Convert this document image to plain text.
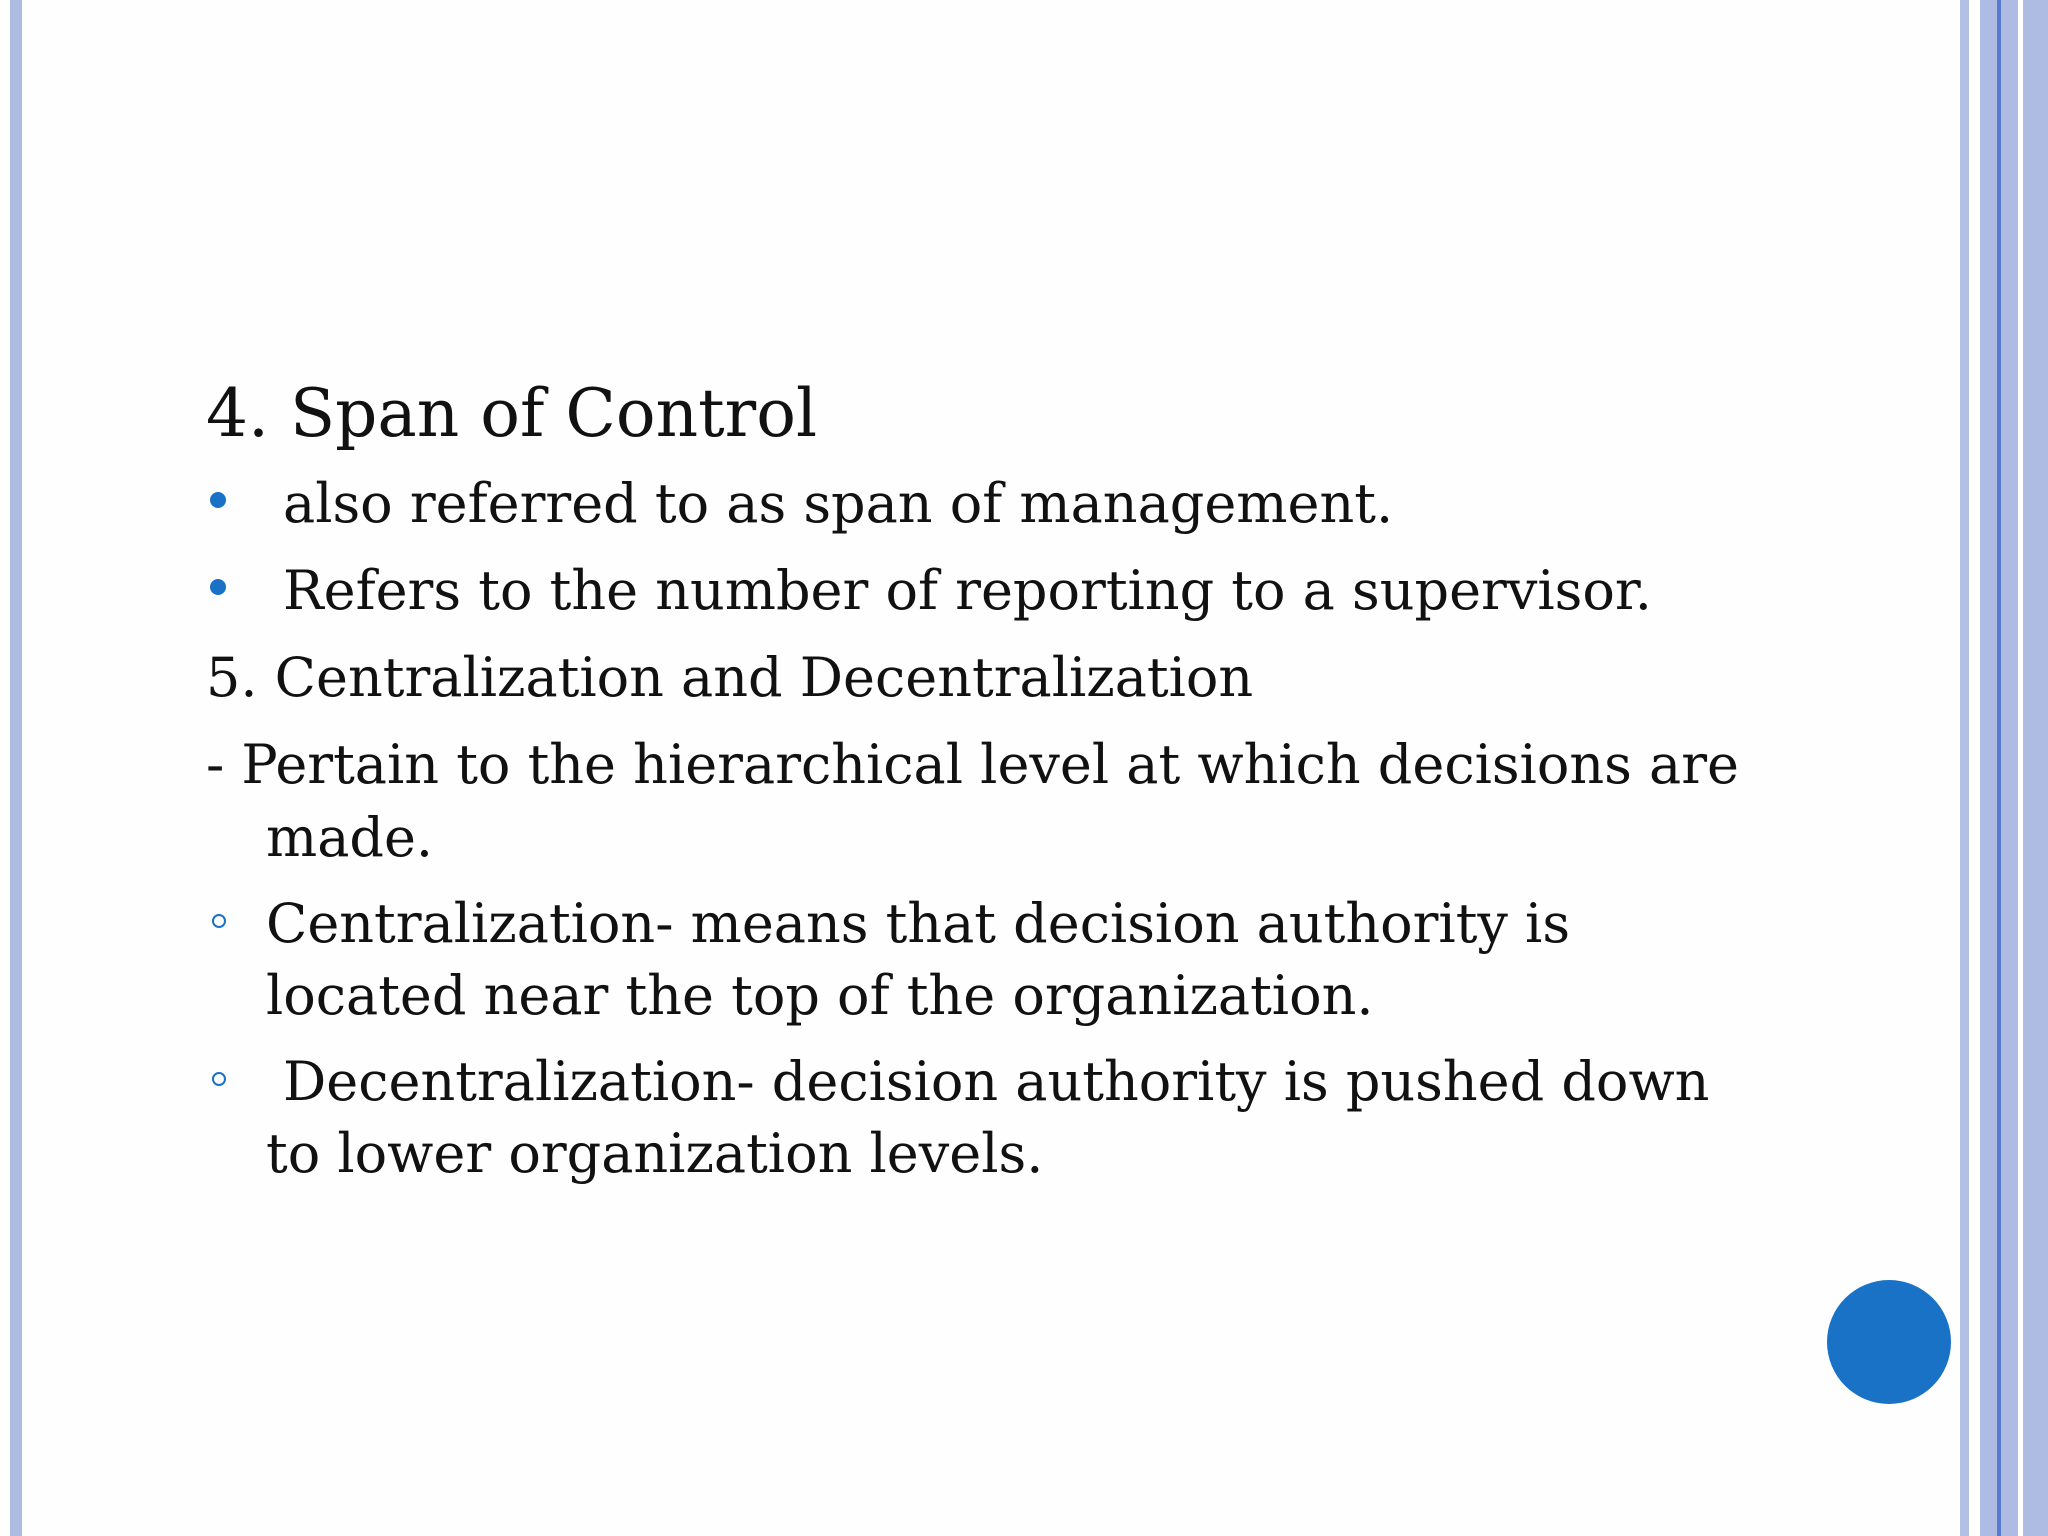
4. Span of Control
also referred to as span of management.
Refers to the number of reporting to a supervisor.
5. Centralization and Decentralization
- Pertain to the hierarchical level at which decisions are
made.
Centralization- means that decision authority is
located near the top of the organization.
Decentralization- decision authority is pushed down
to lower organization levels.
